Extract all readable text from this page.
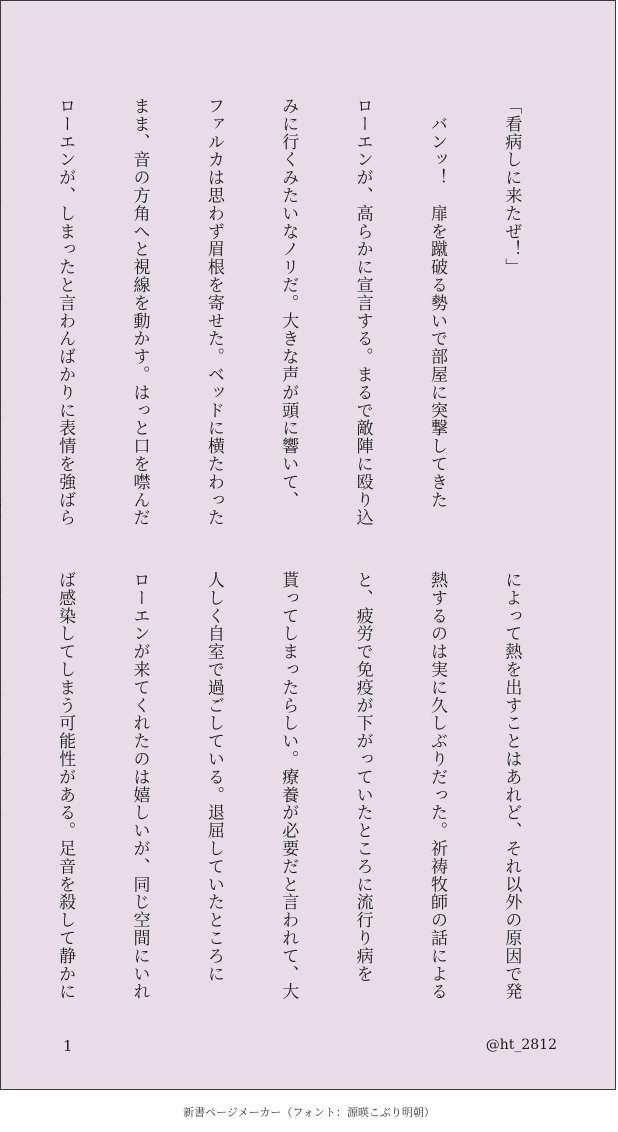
「看病しに来たぜ！」

　バンッ！　扉を蹴破る勢いで部屋に突撃してきた

ローエンが、高らかに宣言する。まるで敵陣に殴り込

みに行くみたいなノリだ。大きな声が頭に響いて、

ファルカは思わず眉根を寄せた。ベッドに横たわった

まま、音の方角へと視線を動かす。はっと口を噤んだ

ローエンが、しまったと言わんばかりに表情を強ばら

によって熱を出すことはあれど、それ以外の原因で発

熱するのは実に久しぶりだった。祈祷牧師の話による

と、疲労で免疫が下がっていたところに流行り病を

貰ってしまったらしい。療養が必要だと言われて、大

人しく自室で過ごしている。退屈していたところに

ローエンが来てくれたのは嬉しいが、同じ空間にいれ

ば感染してしまう可能性がある。足音を殺して静かに

1	@ht_2812
新書ページメーカー（フォント：源暎こぶり明朝）
